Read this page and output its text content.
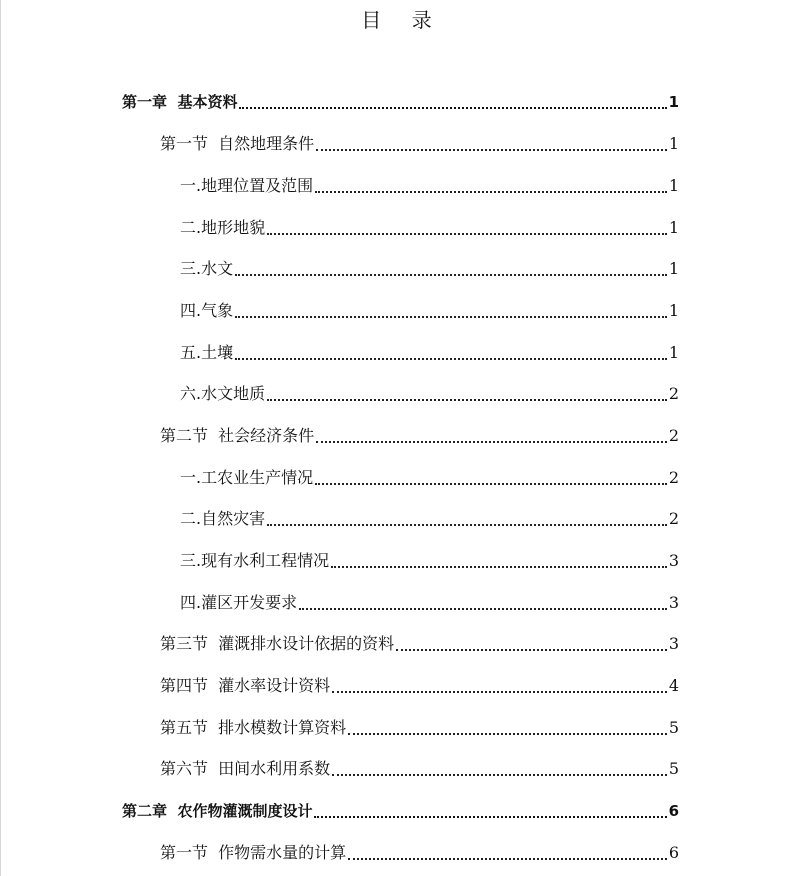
目    录
第一章  基本资料	1
第一节  自然地理条件	1
一.地理位置及范围	1
二.地形地貌	1
三.水文	1
四.气象	1
五.土壤	1
六.水文地质	2
第二节  社会经济条件	2
一.工农业生产情况	2
二.自然灾害	2
三.现有水利工程情况	3
四.灌区开发要求	3
第三节  灌溉排水设计依据的资料	3
第四节  灌水率设计资料	4
第五节  排水模数计算资料	5
第六节  田间水利用系数	5
第二章  农作物灌溉制度设计	6
第一节  作物需水量的计算	6
